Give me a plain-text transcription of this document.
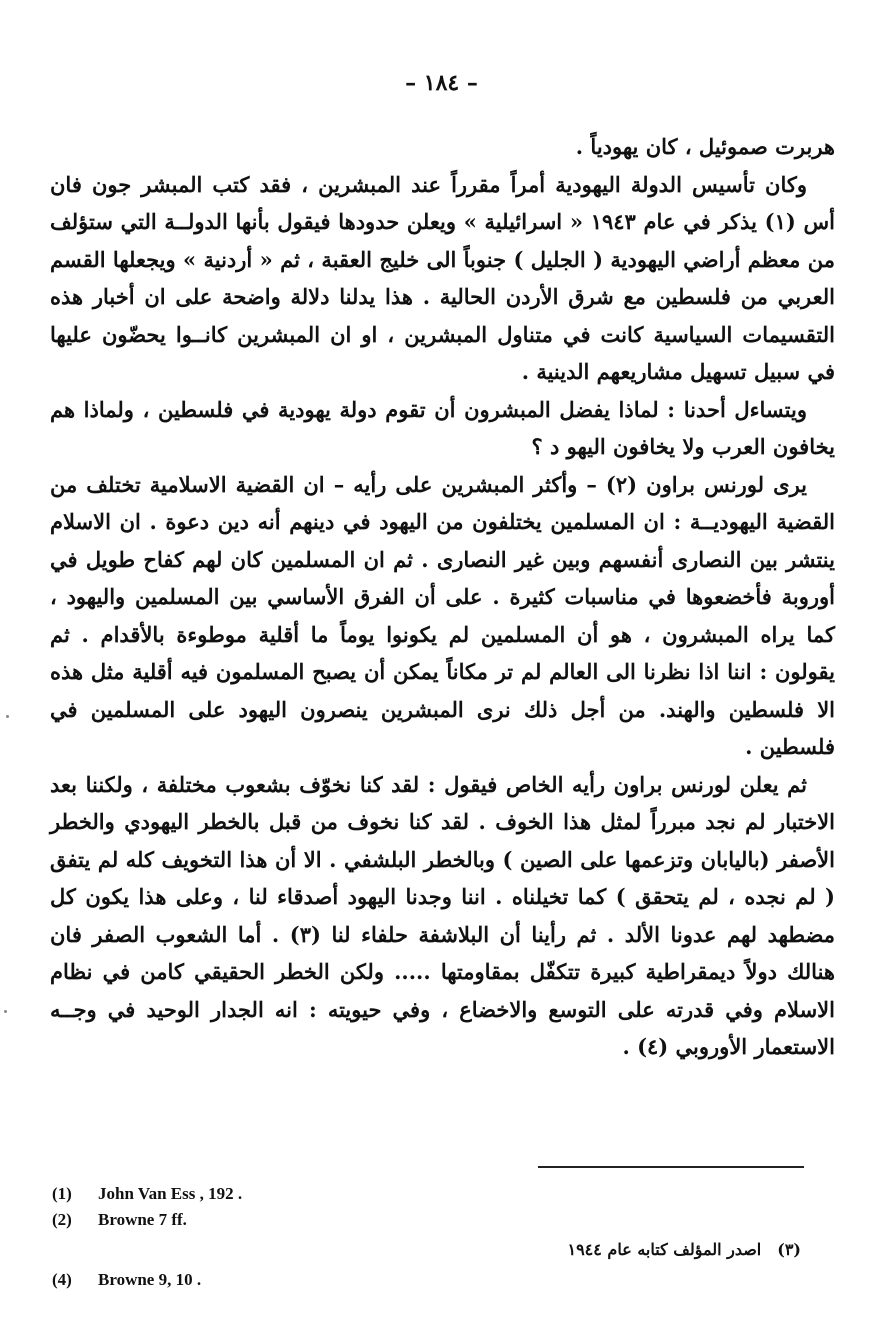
– ١٨٤ –

هربرت صموئيل ، كان يهودياً .

وكان تأسيس الدولة اليهودية أمراً مقرراً عند المبشرين ، فقد كتب المبشر جون فان أس (١) يذكر في عام ١٩٤٣ « اسرائيلية » ويعلن حدودها فيقول بأنها الدولــة التي ستؤلف من معظم أراضي اليهودية ( الجليل ) جنوباً الى خليج العقبة ، ثم « أردنية » ويجعلها القسم العربي من فلسطين مع شرق الأردن الحالية . هذا يدلنا دلالة واضحة على ان أخبار هذه التقسيمات السياسية كانت في متناول المبشرين ، او ان المبشرين كانــوا يحضّون عليها في سبيل تسهيل مشاريعهم الدينية .

ويتساءل أحدنا : لماذا يفضل المبشرون أن تقوم دولة يهودية في فلسطين ، ولماذا هم يخافون العرب ولا يخافون اليهو د ؟

يرى لورنس براون (٢) – وأكثر المبشرين على رأيه – ان القضية الاسلامية تختلف من القضية اليهوديــة : ان المسلمين يختلفون من اليهود في دينهم أنه دين دعوة . ان الاسلام ينتشر بين النصارى أنفسهم وبين غير النصارى . ثم ان المسلمين كان لهم كفاح طويل في أوروبة فأخضعوها في مناسبات كثيرة . على أن الفرق الأساسي بين المسلمين واليهود ، كما يراه المبشرون ، هو أن المسلمين لم يكونوا يوماً ما أقلية موطوءة بالأقدام . ثم يقولون : اننا اذا نظرنا الى العالم لم تر مكاناً يمكن أن يصبح المسلمون فيه أقلية مثل هذه الا فلسطين والهند. من أجل ذلك نرى المبشرين ينصرون اليهود على المسلمين في فلسطين .

ثم يعلن لورنس براون رأيه الخاص فيقول : لقد كنا نخوّف بشعوب مختلفة ، ولكننا بعد الاختبار لم نجد مبرراً لمثل هذا الخوف . لقد كنا نخوف من قبل بالخطر اليهودي والخطر الأصفر (باليابان وتزعمها على الصين ) وبالخطر البلشفي . الا أن هذا التخويف كله لم يتفق ( لم نجده ، لم يتحقق ) كما تخيلناه . اننا وجدنا اليهود أصدقاء لنا ، وعلى هذا يكون كل مضطهد لهم عدونا الألد . ثم رأينا أن البلاشفة حلفاء لنا (٣) . أما الشعوب الصفر فان هنالك دولاً ديمقراطية كبيرة تتكفّل بمقاومتها ..... ولكن الخطر الحقيقي كامن في نظام الاسلام وفي قدرته على التوسع والاخضاع ، وفي حيويته : انه الجدار الوحيد في وجــه الاستعمار الأوروبي (٤) .

(1) John Van Ess , 192 .
(2) Browne 7 ff.
(٣)اصدر المؤلف كتابه عام ١٩٤٤
(4) Browne 9, 10 .
